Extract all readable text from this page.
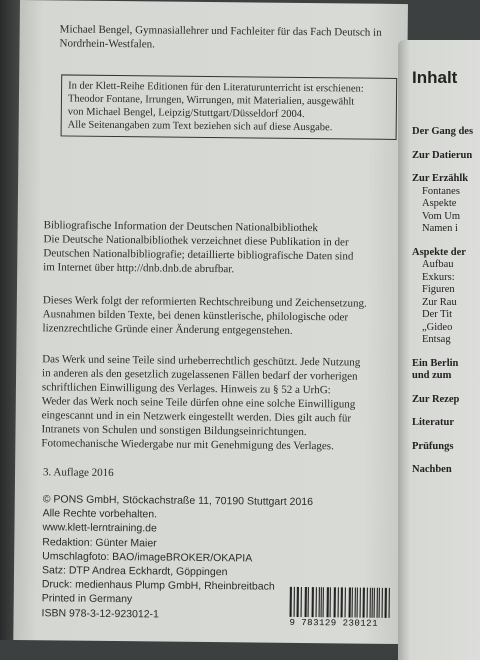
Michael Bengel, Gymnasiallehrer und Fachleiter für das Fach Deutsch in Nordrhein-Westfalen.

In der Klett-Reihe Editionen für den Literaturunterricht ist erschienen:
Theodor Fontane, Irrungen, Wirrungen, mit Materialien, ausgewählt
von Michael Bengel, Leipzig/Stuttgart/Düsseldorf 2004.
Alle Seitenangaben zum Text beziehen sich auf diese Ausgabe.
Bibliografische Information der Deutschen Nationalbibliothek
Die Deutsche Nationalbibliothek verzeichnet diese Publikation in der
Deutschen Nationalbibliografie; detaillierte bibliografische Daten sind
im Internet über http://dnb.dnb.de abrufbar.
Dieses Werk folgt der reformierten Rechtschreibung und Zeichensetzung.
Ausnahmen bilden Texte, bei denen künstlerische, philologische oder
lizenzrechtliche Gründe einer Änderung entgegenstehen.
Das Werk und seine Teile sind urheberrechtlich geschützt. Jede Nutzung
in anderen als den gesetzlich zugelassenen Fällen bedarf der vorherigen
schriftlichen Einwilligung des Verlages. Hinweis zu § 52 a UrhG:
Weder das Werk noch seine Teile dürfen ohne eine solche Einwilligung
eingescannt und in ein Netzwerk eingestellt werden. Dies gilt auch für
Intranets von Schulen und sonstigen Bildungseinrichtungen.
Fotomechanische Wiedergabe nur mit Genehmigung des Verlages.

3. Auflage 2016

© PONS GmbH, Stöckachstraße 11, 70190 Stuttgart 2016
Alle Rechte vorbehalten.
www.klett-lerntraining.de
Redaktion: Günter Maier
Umschlagfoto: BAO/imageBROKER/OKAPIA
Satz: DTP Andrea Eckhardt, Göppingen
Druck: medienhaus Plump GmbH, Rheinbreitbach
Printed in Germany
ISBN 978-3-12-923012-1
9 783129 230121
Inhalt
Der Gang des
Zur Datierun
Zur Erzählk
Fontanes
Aspekte
Vom Um
Namen i
Aspekte der
Aufbau
Exkurs:
Figuren
Zur Rau
Der Tit
„Gideo
Entsag
Ein Berlin
und zum
Zur Rezep
Literatur
Prüfungs
Nachben
